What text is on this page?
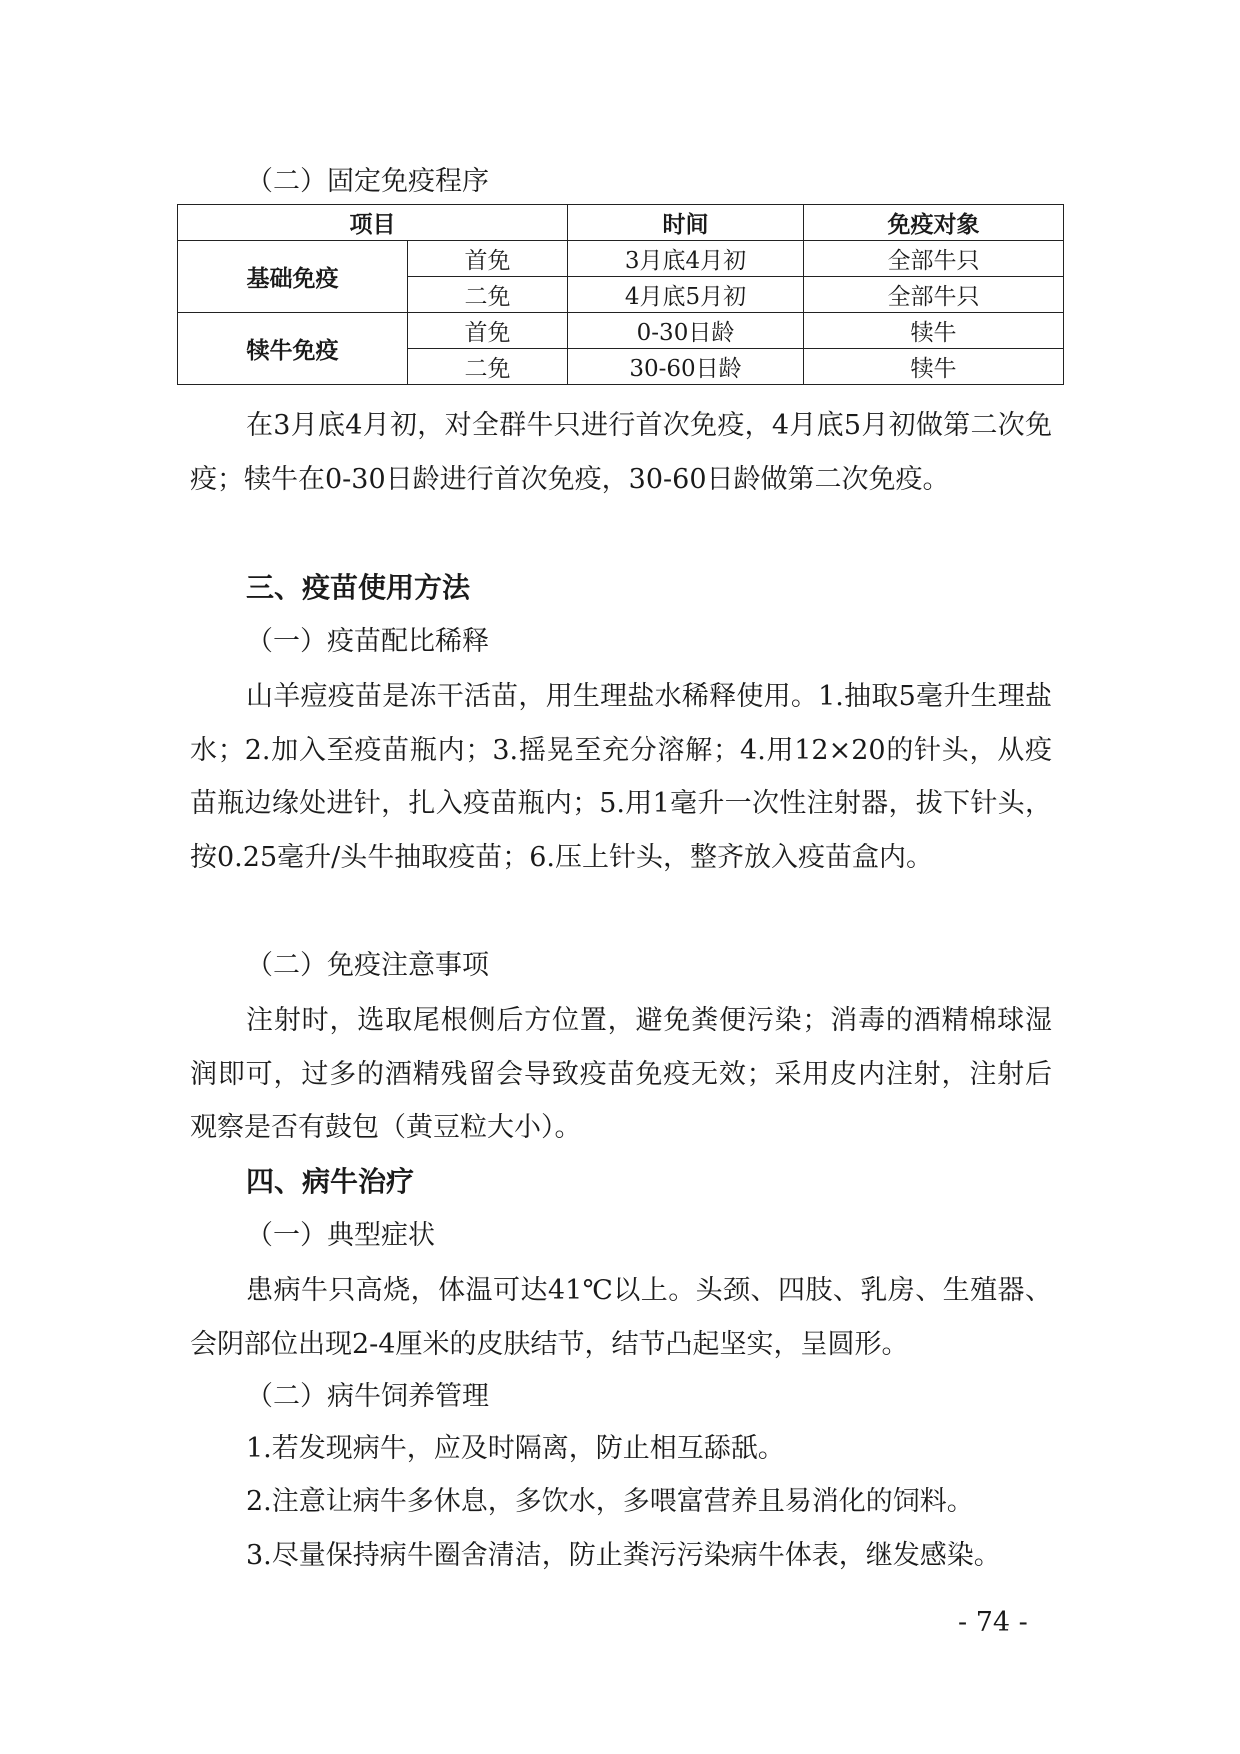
（二）固定免疫程序
项目		时间	免疫对象
基础免疫	首免	3月底4月初	全部牛只
	二免	4月底5月初	全部牛只
犊牛免疫	首免	0-30日龄	犊牛
	二免	30-60日龄	犊牛
在3月底4月初，对全群牛只进行首次免疫，4月底5月初做第二次免疫；犊牛在0-30日龄进行首次免疫，30-60日龄做第二次免疫。
三、疫苗使用方法
（一）疫苗配比稀释
山羊痘疫苗是冻干活苗，用生理盐水稀释使用。1.抽取5毫升生理盐水；2.加入至疫苗瓶内；3.摇晃至充分溶解；4.用12×20的针头，从疫苗瓶边缘处进针，扎入疫苗瓶内；5.用1毫升一次性注射器，拔下针头，按0.25毫升/头牛抽取疫苗；6.压上针头，整齐放入疫苗盒内。
（二）免疫注意事项
注射时，选取尾根侧后方位置，避免粪便污染；消毒的酒精棉球湿润即可，过多的酒精残留会导致疫苗免疫无效；采用皮内注射，注射后观察是否有鼓包（黄豆粒大小）。
四、病牛治疗
（一）典型症状
患病牛只高烧，体温可达41℃以上。头颈、四肢、乳房、生殖器、会阴部位出现2-4厘米的皮肤结节，结节凸起坚实，呈圆形。
（二）病牛饲养管理
1.若发现病牛，应及时隔离，防止相互舔舐。
2.注意让病牛多休息，多饮水，多喂富营养且易消化的饲料。
3.尽量保持病牛圈舍清洁，防止粪污污染病牛体表，继发感染。
- 74 -
